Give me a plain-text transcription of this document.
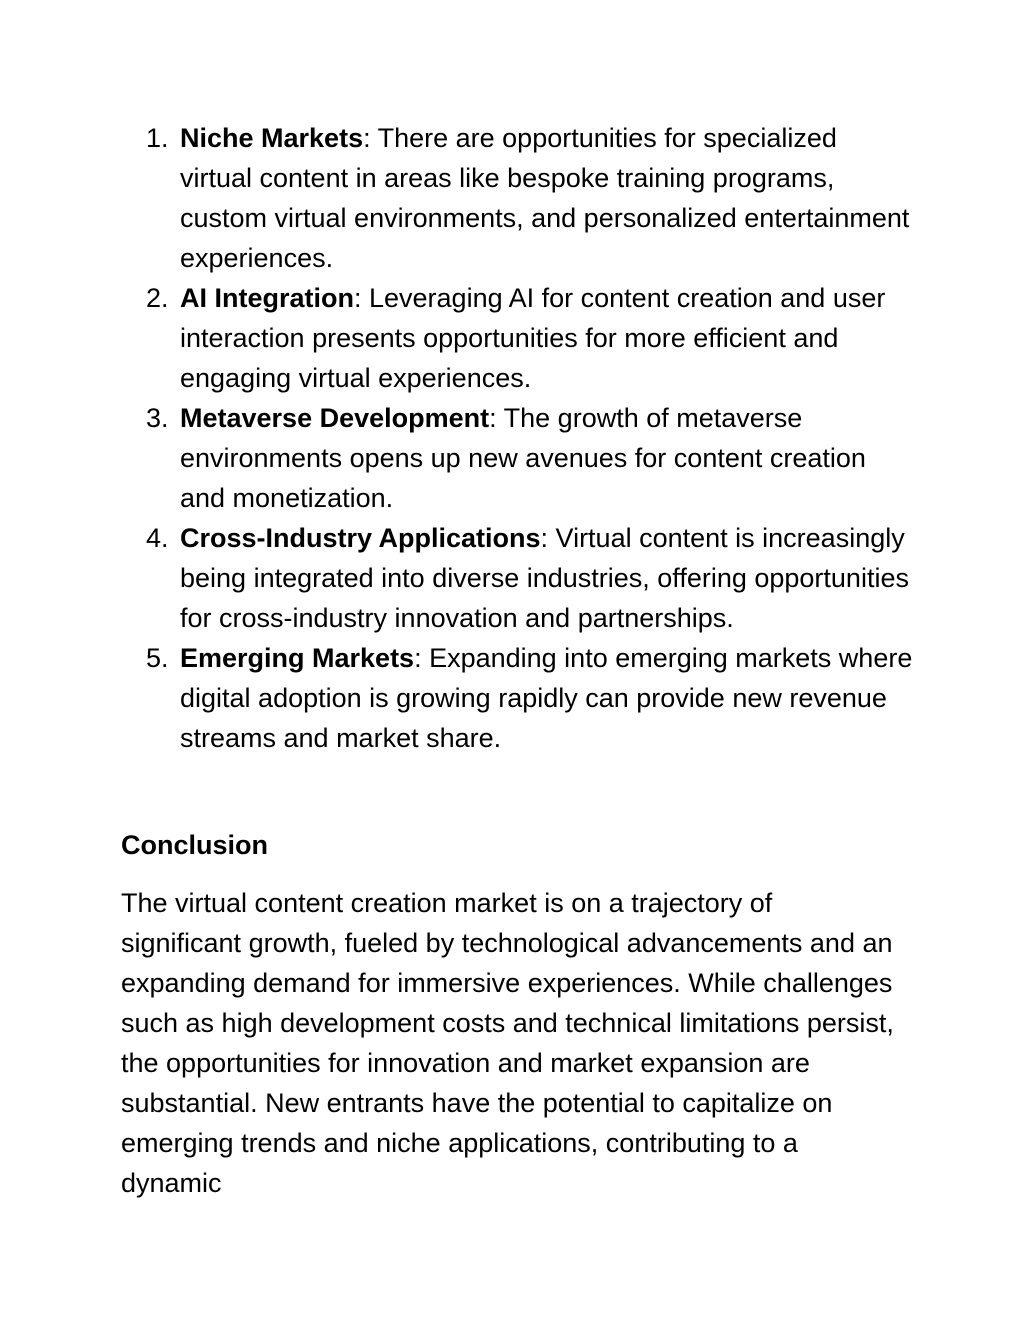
1. Niche Markets: There are opportunities for specialized virtual content in areas like bespoke training programs, custom virtual environments, and personalized entertainment experiences.
2. AI Integration: Leveraging AI for content creation and user interaction presents opportunities for more efficient and engaging virtual experiences.
3. Metaverse Development: The growth of metaverse environments opens up new avenues for content creation and monetization.
4. Cross-Industry Applications: Virtual content is increasingly being integrated into diverse industries, offering opportunities for cross-industry innovation and partnerships.
5. Emerging Markets: Expanding into emerging markets where digital adoption is growing rapidly can provide new revenue streams and market share.
Conclusion

The virtual content creation market is on a trajectory of significant growth, fueled by technological advancements and an expanding demand for immersive experiences. While challenges such as high development costs and technical limitations persist, the opportunities for innovation and market expansion are substantial. New entrants have the potential to capitalize on emerging trends and niche applications, contributing to a dynamic
